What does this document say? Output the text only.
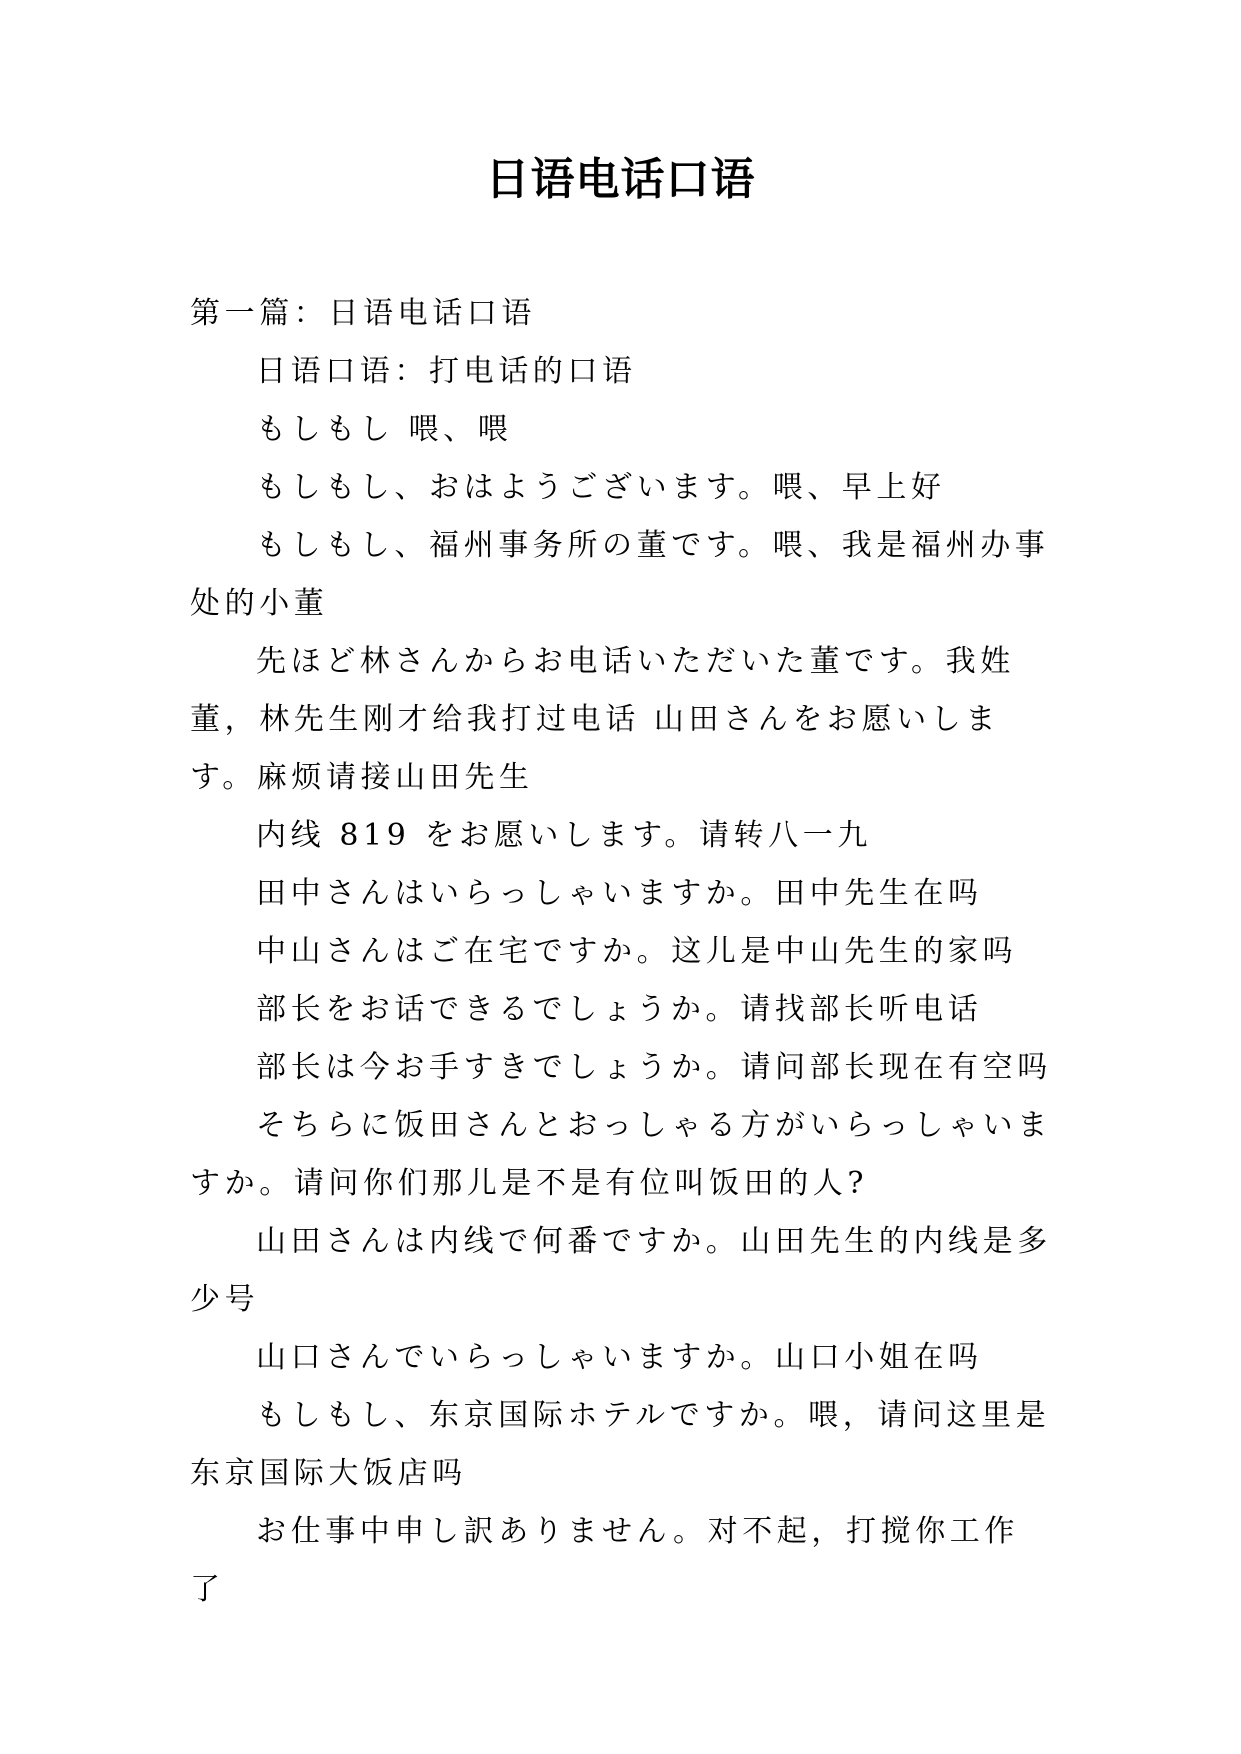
日语电话口语

第一篇：日语电话口语

日语口语：打电话的口语

もしもし 喂、喂

もしもし、おはようございます。喂、早上好

もしもし、福州事务所の董です。喂、我是福州办事处的小董

先ほど林さんからお电话いただいた董です。我姓董，林先生刚才给我打过电话 山田さんをお愿いします。麻烦请接山田先生

内线 819 をお愿いします。请转八一九

田中さんはいらっしゃいますか。田中先生在吗

中山さんはご在宅ですか。这儿是中山先生的家吗

部长をお话できるでしょうか。请找部长听电话

部长は今お手すきでしょうか。请问部长现在有空吗

そちらに饭田さんとおっしゃる方がいらっしゃいますか。请问你们那儿是不是有位叫饭田的人?

山田さんは内线で何番ですか。山田先生的内线是多少号

山口さんでいらっしゃいますか。山口小姐在吗

もしもし、东京国际ホテルですか。喂，请问这里是东京国际大饭店吗

お仕事中申し訳ありません。对不起，打搅你工作了
